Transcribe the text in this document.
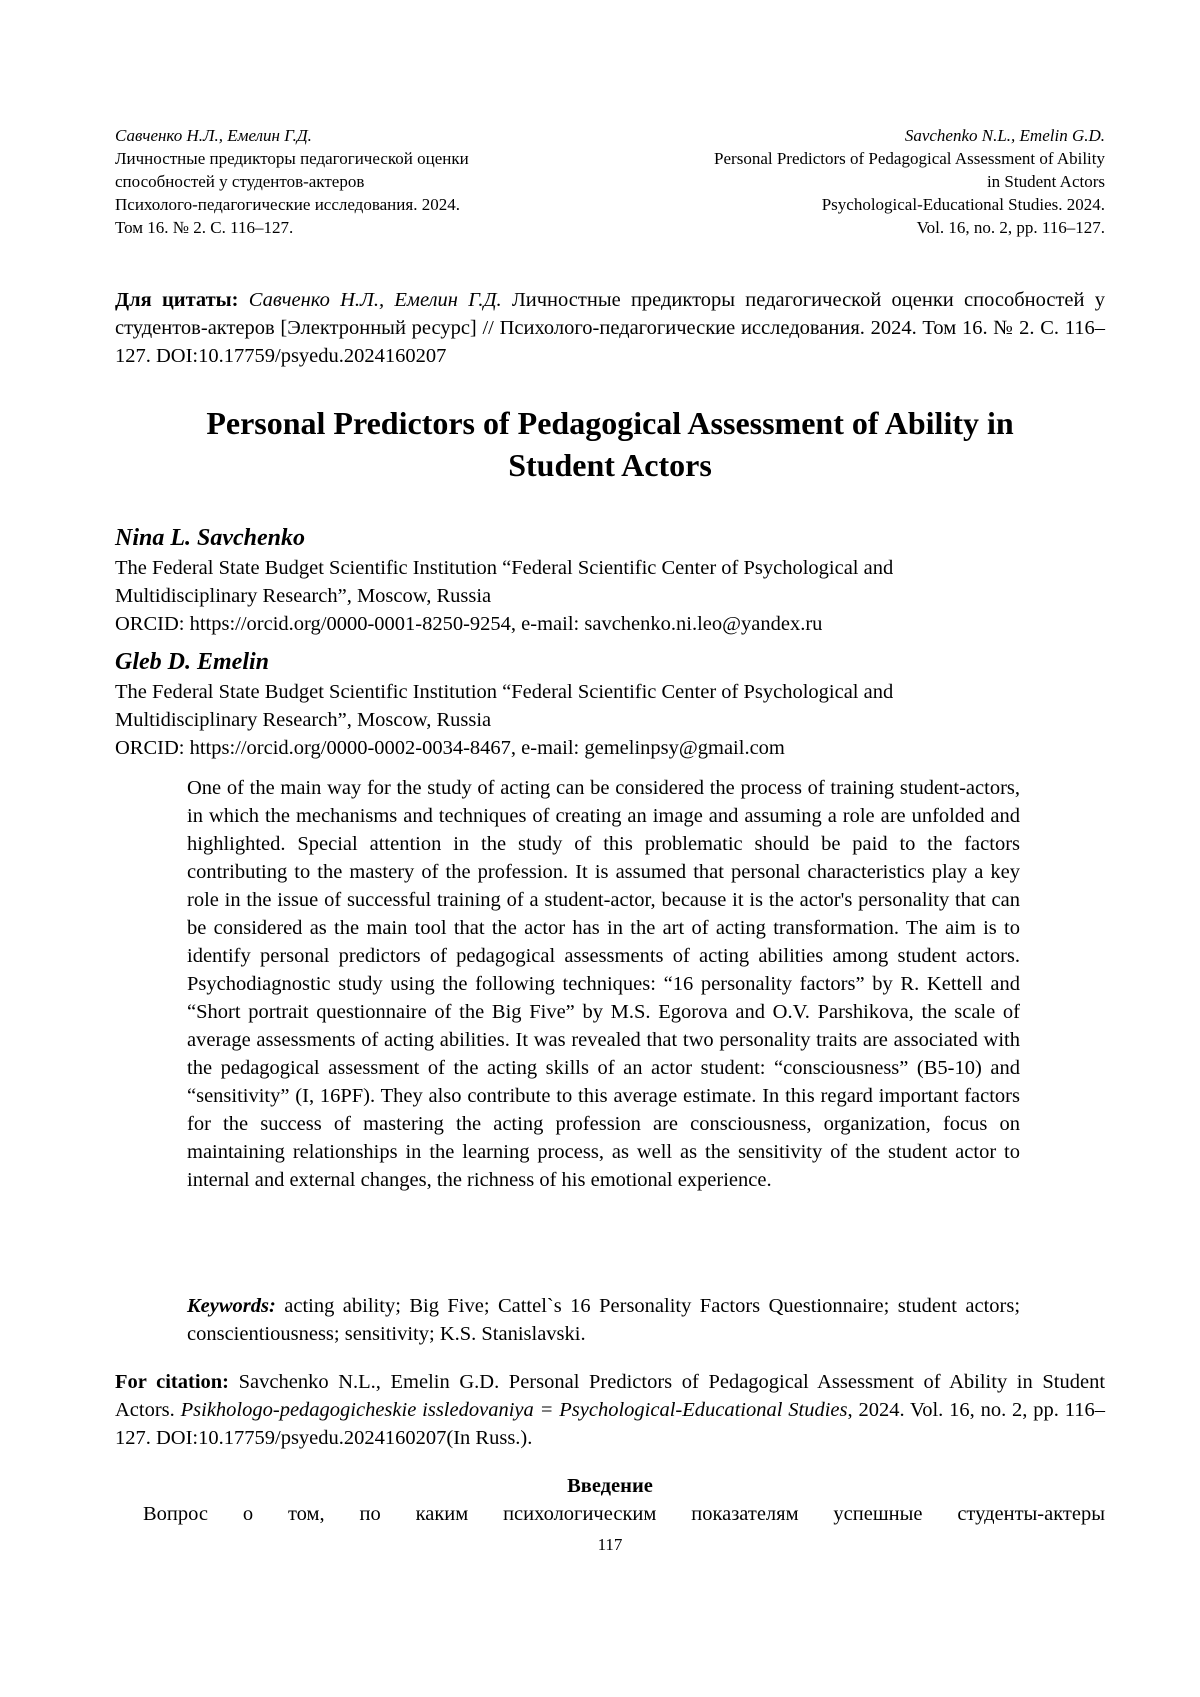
Савченко Н.Л., Емелин Г.Д.
Личностные предикторы педагогической оценки
способностей у студентов-актеров
Психолого-педагогические исследования. 2024.
Том 16. № 2. С. 116–127.
Savchenko N.L., Emelin G.D.
Personal Predictors of Pedagogical Assessment of Ability
in Student Actors
Psychological-Educational Studies. 2024.
Vol. 16, no. 2, pp. 116–127.
Для цитаты: Савченко Н.Л., Емелин Г.Д. Личностные предикторы педагогической оценки способностей у студентов-актеров [Электронный ресурс] // Психолого-педагогические исследования. 2024. Том 16. № 2. С. 116–127. DOI:10.17759/psyedu.2024160207
Personal Predictors of Pedagogical Assessment of Ability in
Student Actors
Nina L. Savchenko
The Federal State Budget Scientific Institution “Federal Scientific Center of Psychological and
Multidisciplinary Research”, Moscow, Russia
ORCID: https://orcid.org/0000-0001-8250-9254, e-mail: savchenko.ni.leo@yandex.ru
Gleb D. Emelin
The Federal State Budget Scientific Institution “Federal Scientific Center of Psychological and
Multidisciplinary Research”, Moscow, Russia
ORCID: https://orcid.org/0000-0002-0034-8467, e-mail: gemelinpsy@gmail.com
One of the main way for the study of acting can be considered the process of training student-actors, in which the mechanisms and techniques of creating an image and assuming a role are unfolded and highlighted. Special attention in the study of this problematic should be paid to the factors contributing to the mastery of the profession. It is assumed that personal characteristics play a key role in the issue of successful training of a student-actor, because it is the actor's personality that can be considered as the main tool that the actor has in the art of acting transformation. The aim is to identify personal predictors of pedagogical assessments of acting abilities among student actors. Psychodiagnostic study using the following techniques: “16 personality factors” by R. Kettell and “Short portrait questionnaire of the Big Five” by M.S. Egorova and O.V. Parshikova, the scale of average assessments of acting abilities. It was revealed that two personality traits are associated with the pedagogical assessment of the acting skills of an actor student: “consciousness” (B5-10) and “sensitivity” (I, 16PF). They also contribute to this average estimate. In this regard important factors for the success of mastering the acting profession are consciousness, organization, focus on maintaining relationships in the learning process, as well as the sensitivity of the student actor to internal and external changes, the richness of his emotional experience.
Keywords: acting ability; Big Five; Cattel`s 16 Personality Factors Questionnaire; student actors; conscientiousness; sensitivity; K.S. Stanislavski.
For citation: Savchenko N.L., Emelin G.D. Personal Predictors of Pedagogical Assessment of Ability in Student Actors. Psikhologo-pedagogicheskie issledovaniya = Psychological-Educational Studies, 2024. Vol. 16, no. 2, pp. 116–127. DOI:10.17759/psyedu.2024160207(In Russ.).
Введение
Вопрос о том, по каким психологическим показателям успешные студенты-актеры
117
